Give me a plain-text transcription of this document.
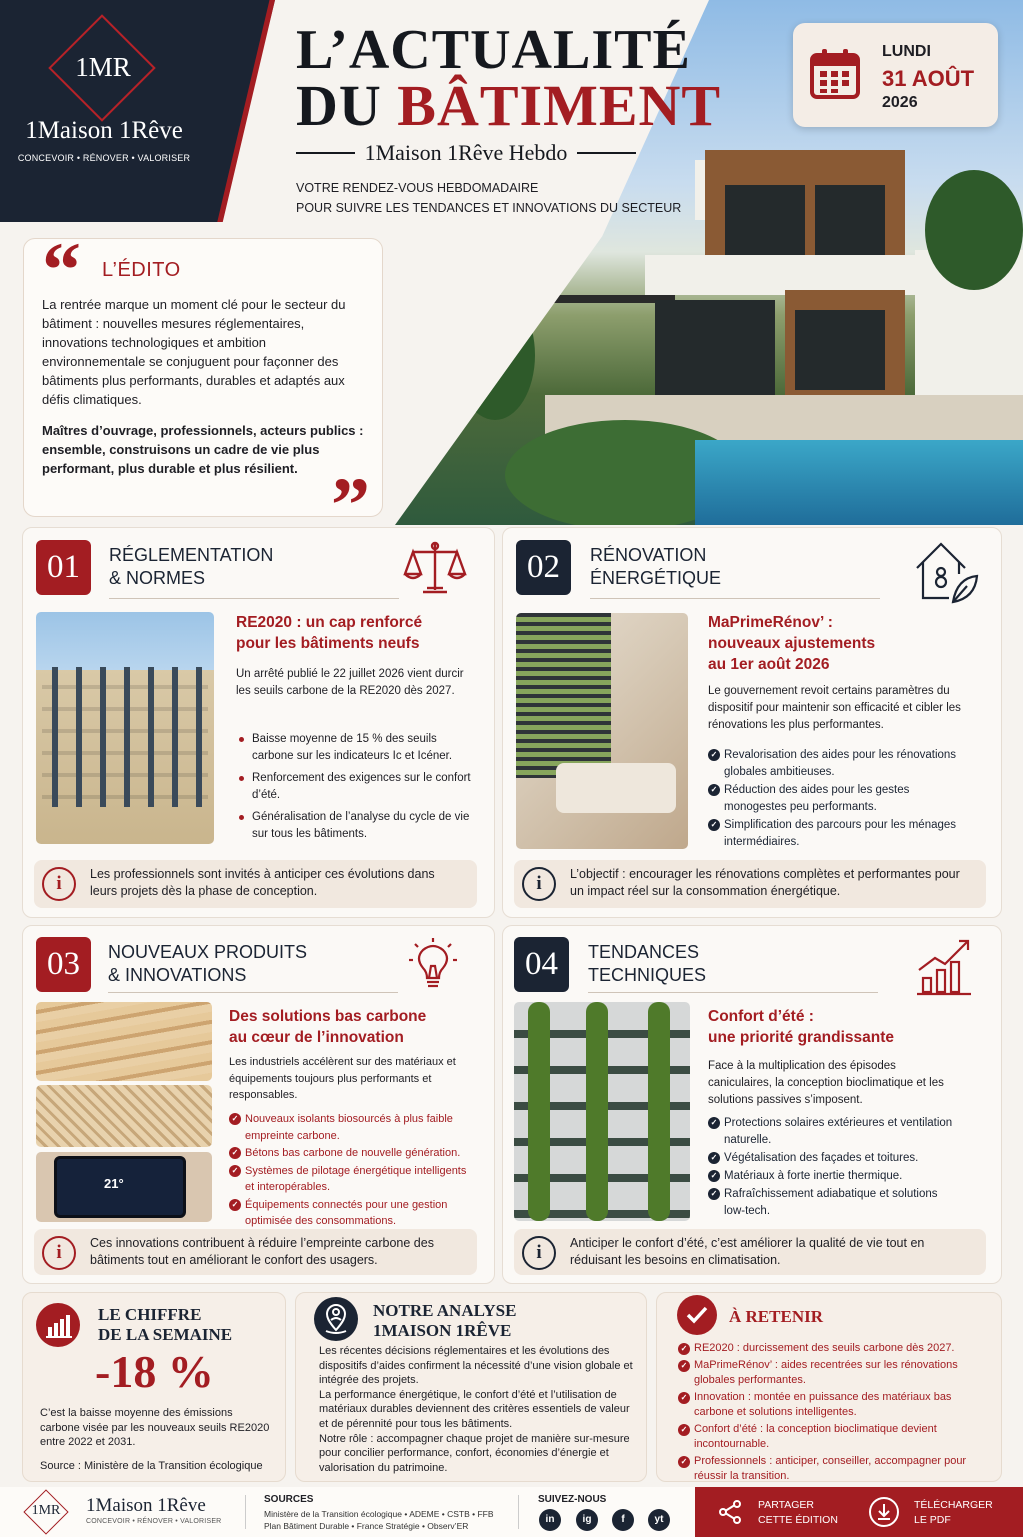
1MR
1Maison 1Rêve
CONCEVOIR • RÉNOVER • VALORISER
L’ACTUALITÉ
DU BÂTIMENT
1Maison 1Rêve Hebdo
VOTRE RENDEZ-VOUS HEBDOMADAIRE
POUR SUIVRE LES TENDANCES ET INNOVATIONS DU SECTEUR
LUNDI
31 AOÛT
2026
“ L’ÉDITO
La rentrée marque un moment clé pour le secteur du bâtiment : nouvelles mesures réglementaires, innovations technologiques et ambition environnementale se conjuguent pour façonner des bâtiments plus performants, durables et adaptés aux défis climatiques.
Maîtres d’ouvrage, professionnels, acteurs publics : ensemble, construisons un cadre de vie plus performant, plus durable et plus résilient. ”
01	RÉGLEMENTATION
& NORMES
RE2020 : un cap renforcé
pour les bâtiments neufs
Un arrêté publié le 22 juillet 2026 vient durcir les seuils carbone de la RE2020 dès 2027.
Baisse moyenne de 15 % des seuils carbone sur les indicateurs Ic et Icéner.
Renforcement des exigences sur le confort d’été.
Généralisation de l’analyse du cycle de vie sur tous les bâtiments.
i	Les professionnels sont invités à anticiper ces évolutions dans leurs projets dès la phase de conception.
02	RÉNOVATION
ÉNERGÉTIQUE
MaPrimeRénov’ :
nouveaux ajustements
au 1er août 2026
Le gouvernement revoit certains paramètres du dispositif pour maintenir son efficacité et cibler les rénovations les plus performantes.
✓ Revalorisation des aides pour les rénovations globales ambitieuses.
✓ Réduction des aides pour les gestes monogestes peu performants.
✓ Simplification des parcours pour les ménages intermédiaires.
i	L’objectif : encourager les rénovations complètes et performantes pour un impact réel sur la consommation énergétique.
03	NOUVEAUX PRODUITS
& INNOVATIONS
21°
Des solutions bas carbone
au cœur de l’innovation
Les industriels accélèrent sur des matériaux et équipements toujours plus performants et responsables.
✓ Nouveaux isolants biosourcés à plus faible empreinte carbone.
✓ Bétons bas carbone de nouvelle génération.
✓ Systèmes de pilotage énergétique intelligents et interopérables.
✓ Équipements connectés pour une gestion optimisée des consommations.
i	Ces innovations contribuent à réduire l’empreinte carbone des bâtiments tout en améliorant le confort des usagers.
04	TENDANCES
TECHNIQUES
Confort d’été :
une priorité grandissante
Face à la multiplication des épisodes caniculaires, la conception bioclimatique et les solutions passives s’imposent.
✓ Protections solaires extérieures et ventilation naturelle.
✓ Végétalisation des façades et toitures.
✓ Matériaux à forte inertie thermique.
✓ Rafraîchissement adiabatique et solutions low-tech.
i	Anticiper le confort d’été, c’est améliorer la qualité de vie tout en réduisant les besoins en climatisation.
LE CHIFFRE
DE LA SEMAINE
-18 %
C’est la baisse moyenne des émissions carbone visée par les nouveaux seuils RE2020 entre 2022 et 2031.
Source : Ministère de la Transition écologique
NOTRE ANALYSE
1MAISON 1RÊVE
Les récentes décisions réglementaires et les évolutions des dispositifs d’aides confirment la nécessité d’une vision globale et intégrée des projets.
La performance énergétique, le confort d’été et l’utilisation de matériaux durables deviennent des critères essentiels de valeur et de pérennité pour tous les bâtiments.
Notre rôle : accompagner chaque projet de manière sur-mesure pour concilier performance, confort, économies d’énergie et valorisation du patrimoine.
À RETENIR
✓ RE2020 : durcissement des seuils carbone dès 2027.
✓ MaPrimeRénov’ : aides recentrées sur les rénovations globales performantes.
✓ Innovation : montée en puissance des matériaux bas carbone et solutions intelligentes.
✓ Confort d’été : la conception bioclimatique devient incontournable.
✓ Professionnels : anticiper, conseiller, accompagner pour réussir la transition.
1MR	1Maison 1Rêve
CONCEVOIR • RÉNOVER • VALORISER
SOURCES
Ministère de la Transition écologique • ADEME • CSTB • FFB
Plan Bâtiment Durable • France Stratégie • Observ’ER
SUIVEZ-NOUS
in	ig	f	yt
PARTAGER
CETTE ÉDITION
TÉLÉCHARGER
LE PDF
